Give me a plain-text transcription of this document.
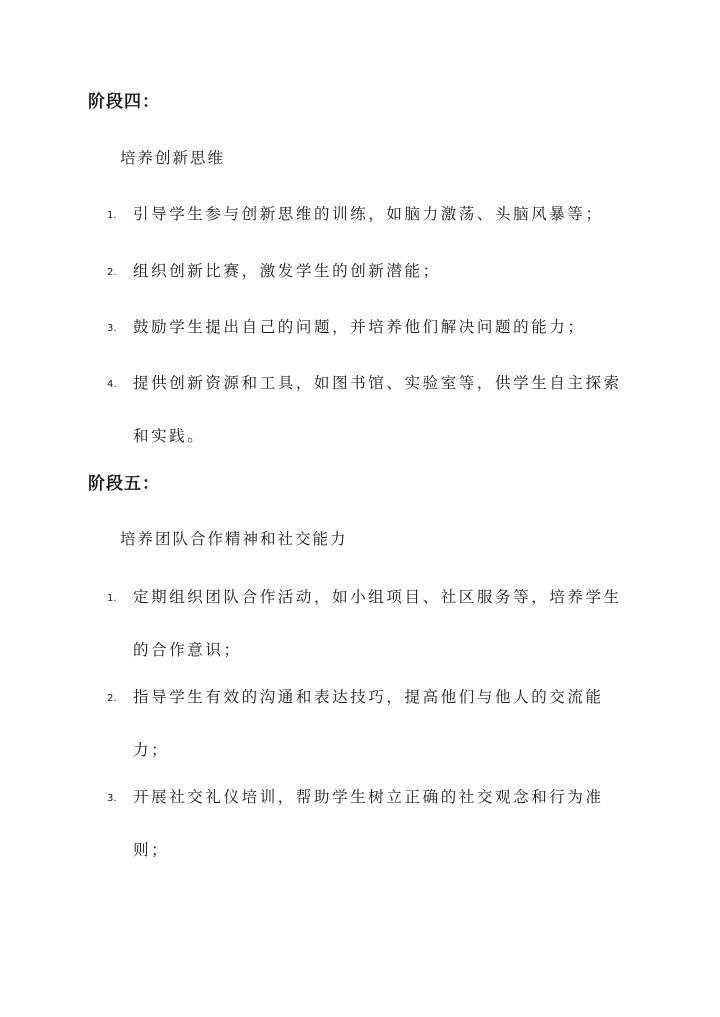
阶段四：
培养创新思维
1. 引导学生参与创新思维的训练，如脑力激荡、头脑风暴等；
2. 组织创新比赛，激发学生的创新潜能；
3. 鼓励学生提出自己的问题，并培养他们解决问题的能力；
4. 提供创新资源和工具，如图书馆、实验室等，供学生自主探索和实践。
阶段五：
培养团队合作精神和社交能力
1. 定期组织团队合作活动，如小组项目、社区服务等，培养学生的合作意识；
2. 指导学生有效的沟通和表达技巧，提高他们与他人的交流能力；
3. 开展社交礼仪培训，帮助学生树立正确的社交观念和行为准则；
